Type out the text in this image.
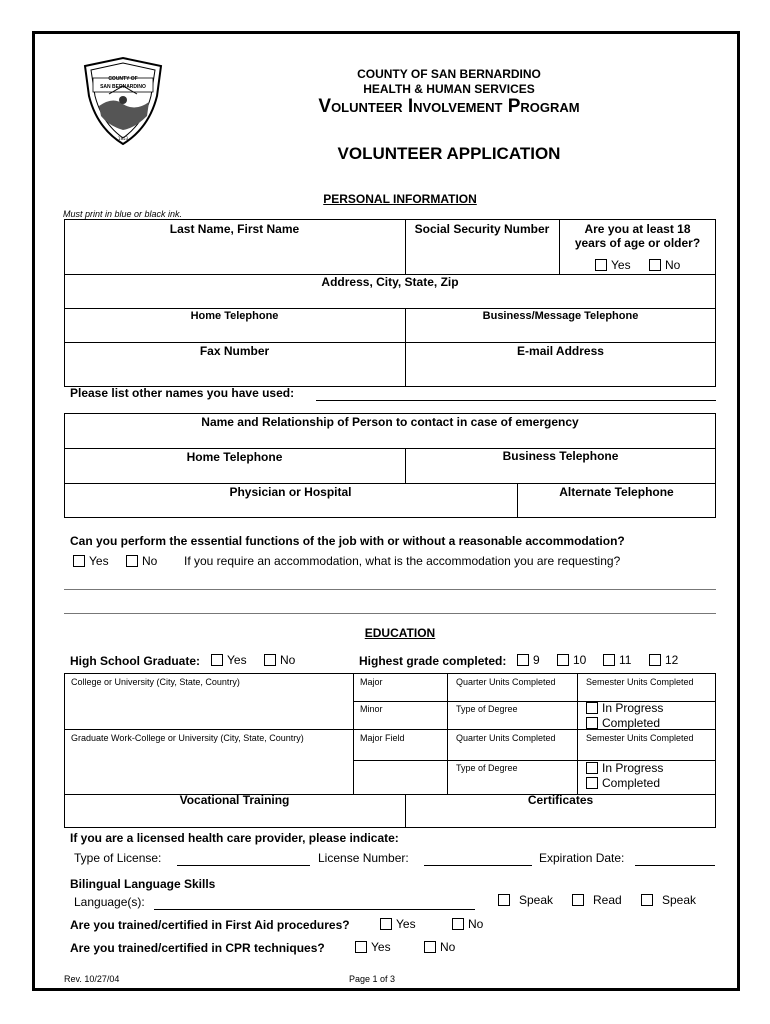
1853
COUNTY OF
SAN BERNARDINO
COUNTY OF SAN BERNARDINO
HEALTH & HUMAN SERVICES
Volunteer Involvement Program
VOLUNTEER APPLICATION
PERSONAL INFORMATION
Must print in blue or black ink.
Last Name, First Name	Social Security Number	Are you at least 18 years of age or older?
Yes	No
Address, City, State, Zip
Home Telephone	Business/Message Telephone
Fax Number	E-mail Address
Please list other names you have used:
Name and Relationship of Person to contact in case of emergency
Home Telephone	Business Telephone
Physician or Hospital	Alternate Telephone
Can you perform the essential functions of the job with or without a reasonable accommodation?
Yes	No If you require an accommodation, what is the accommodation you are requesting?
EDUCATION
High School Graduate:	Yes	No	Highest grade completed:	9	10	11	12
College or University (City, State, Country)	Major	Quarter Units Completed	Semester Units Completed
Minor	Type of Degree	In Progress
Completed
Graduate Work-College or University (City, State, Country)	Major Field	Quarter Units Completed	Semester Units Completed
Type of Degree	In Progress
Completed
Vocational Training	Certificates
If you are a licensed health care provider, please indicate:
Type of License:	License Number:	Expiration Date:
Bilingual Language Skills
Language(s):	Speak	Read	Speak
Are you trained/certified in First Aid procedures?	Yes	No
Are you trained/certified in CPR techniques?	Yes	No
Rev. 10/27/04	Page 1 of 3
